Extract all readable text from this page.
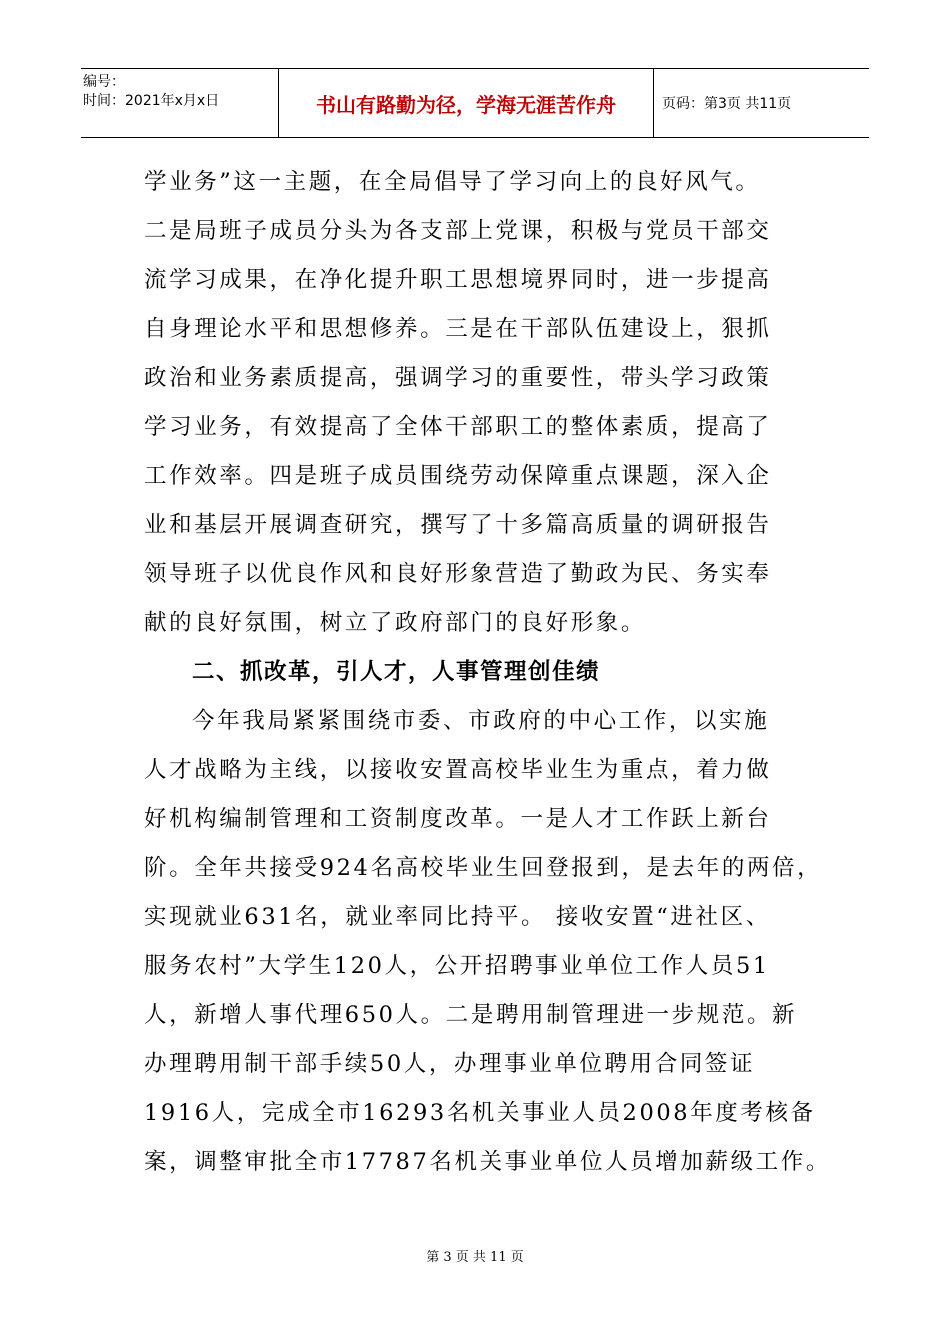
编号：
时间：2021年x月x日	书山有路勤为径，学海无涯苦作舟	页码：第3页 共11页
学业务”这一主题，在全局倡导了学习向上的良好风气。
二是局班子成员分头为各支部上党课，积极与党员干部交
流学习成果，在净化提升职工思想境界同时，进一步提高
自身理论水平和思想修养。三是在干部队伍建设上，狠抓
政治和业务素质提高，强调学习的重要性，带头学习政策
学习业务，有效提高了全体干部职工的整体素质，提高了
工作效率。四是班子成员围绕劳动保障重点课题，深入企
业和基层开展调查研究，撰写了十多篇高质量的调研报告
领导班子以优良作风和良好形象营造了勤政为民、务实奉
献的良好氛围，树立了政府部门的良好形象。
二、抓改革，引人才，人事管理创佳绩
今年我局紧紧围绕市委、市政府的中心工作，以实施
人才战略为主线，以接收安置高校毕业生为重点，着力做
好机构编制管理和工资制度改革。一是人才工作跃上新台
阶。全年共接受924名高校毕业生回登报到，是去年的两倍，
实现就业631名，就业率同比持平。 接收安置“进社区、
服务农村”大学生120人，公开招聘事业单位工作人员51
人，新增人事代理650人。二是聘用制管理进一步规范。新
办理聘用制干部手续50人，办理事业单位聘用合同签证
1916人，完成全市16293名机关事业人员2008年度考核备
案，调整审批全市17787名机关事业单位人员增加薪级工作。
第 3 页 共 11 页
